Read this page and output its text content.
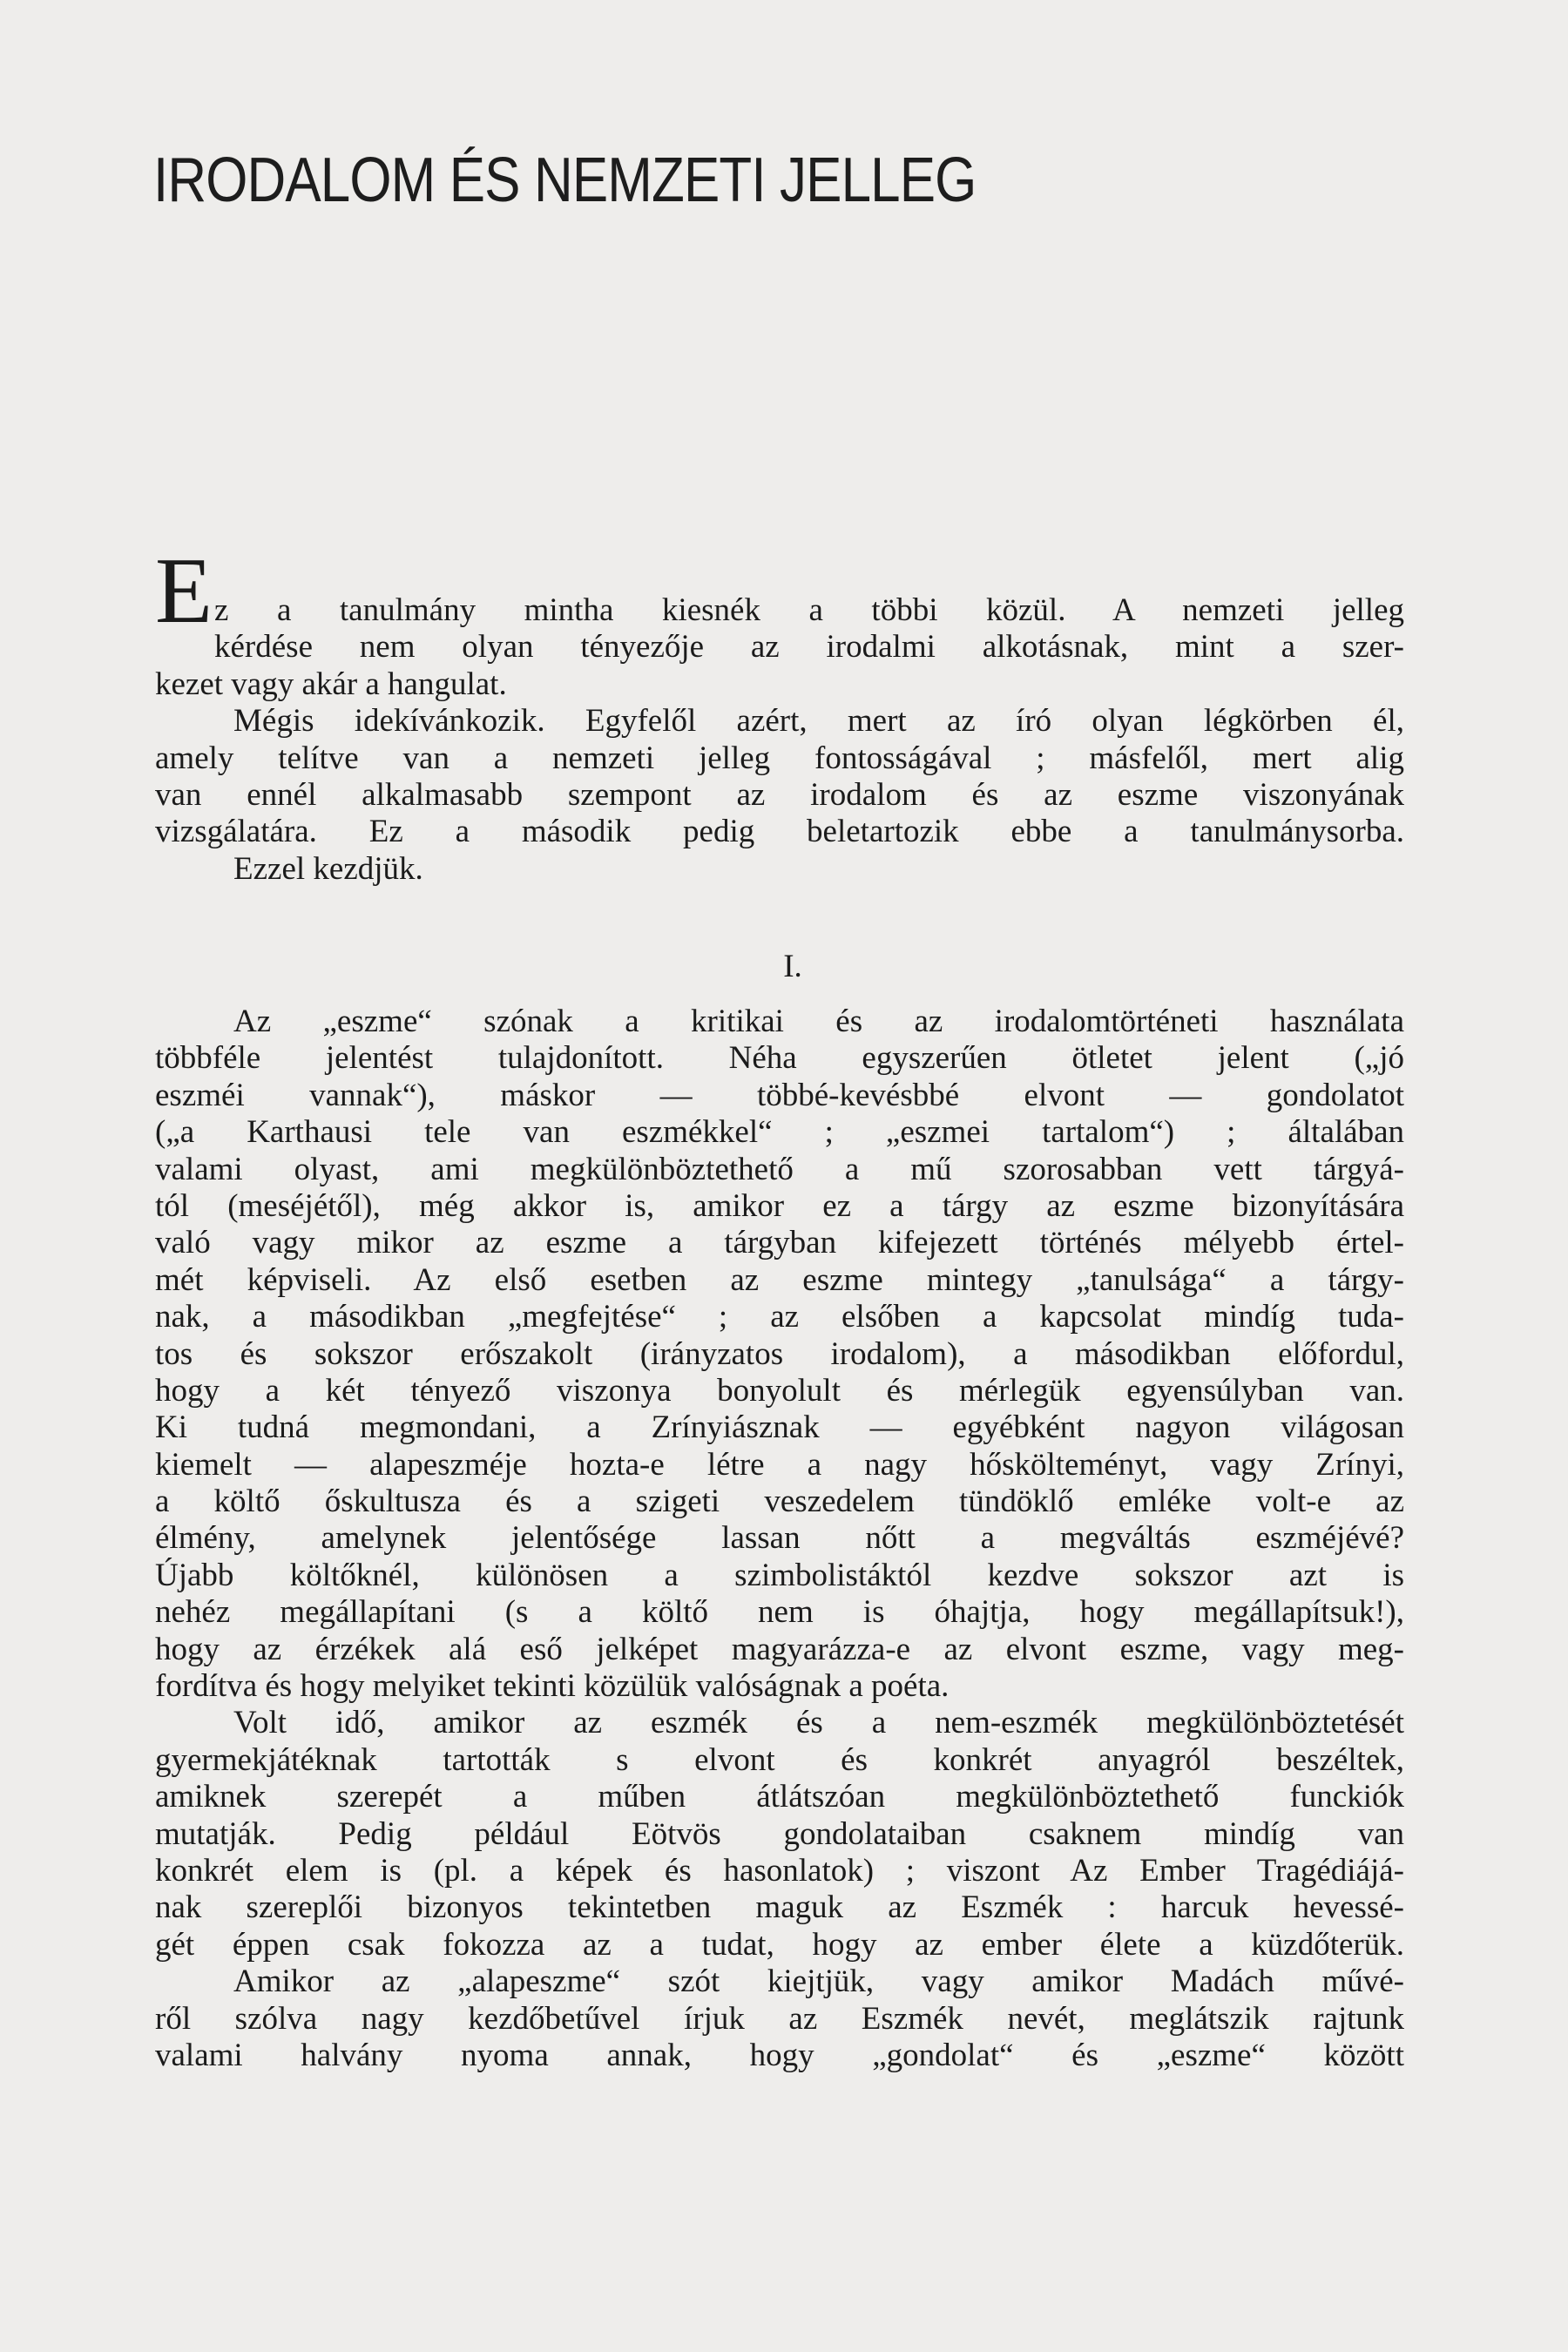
IRODALOM ÉS NEMZETI JELLEG
E z a tanulmány mintha kiesnék a többi közül. A nemzeti jelleg
kérdése nem olyan tényezője az irodalmi alkotásnak, mint a szer-
kezet vagy akár a hangulat.
Mégis idekívánkozik. Egyfelől azért, mert az író olyan légkörben él,
amely telítve van a nemzeti jelleg fontosságával ; másfelől, mert alig
van ennél alkalmasabb szempont az irodalom és az eszme viszonyának
vizsgálatára. Ez a második pedig beletartozik ebbe a tanulmánysorba.
Ezzel kezdjük.
I.
Az „eszme“ szónak a kritikai és az irodalomtörténeti használata
többféle jelentést tulajdonított. Néha egyszerűen ötletet jelent („jó
eszméi vannak“), máskor — többé-kevésbbé elvont — gondolatot
(„a Karthausi tele van eszmékkel“ ; „eszmei tartalom“) ; általában
valami olyast, ami megkülönböztethető a mű szorosabban vett tárgyá-
tól (meséjétől), még akkor is, amikor ez a tárgy az eszme bizonyítására
való vagy mikor az eszme a tárgyban kifejezett történés mélyebb értel-
mét képviseli. Az első esetben az eszme mintegy „tanulsága“ a tárgy-
nak, a másodikban „megfejtése“ ; az elsőben a kapcsolat mindíg tuda-
tos és sokszor erőszakolt (irányzatos irodalom), a másodikban előfordul,
hogy a két tényező viszonya bonyolult és mérlegük egyensúlyban van.
Ki tudná megmondani, a Zrínyiásznak — egyébként nagyon világosan
kiemelt — alapeszméje hozta-e létre a nagy hőskölteményt, vagy Zrínyi,
a költő őskultusza és a szigeti veszedelem tündöklő emléke volt-e az
élmény, amelynek jelentősége lassan nőtt a megváltás eszméjévé?
Újabb költőknél, különösen a szimbolistáktól kezdve sokszor azt is
nehéz megállapítani (s a költő nem is óhajtja, hogy megállapítsuk!),
hogy az érzékek alá eső jelképet magyarázza-e az elvont eszme, vagy meg-
fordítva és hogy melyiket tekinti közülük valóságnak a poéta.
Volt idő, amikor az eszmék és a nem-eszmék megkülönböztetését
gyermekjátéknak tartották s elvont és konkrét anyagról beszéltek,
amiknek szerepét a műben átlátszóan megkülönböztethető funckiók
mutatják. Pedig például Eötvös gondolataiban csaknem mindíg van
konkrét elem is (pl. a képek és hasonlatok) ; viszont Az Ember Tragédiájá-
nak szereplői bizonyos tekintetben maguk az Eszmék : harcuk hevessé-
gét éppen csak fokozza az a tudat, hogy az ember élete a küzdőterük.
Amikor az „alapeszme“ szót kiejtjük, vagy amikor Madách művé-
ről szólva nagy kezdőbetűvel írjuk az Eszmék nevét, meglátszik rajtunk
valami halvány nyoma annak, hogy „gondolat“ és „eszme“ között
